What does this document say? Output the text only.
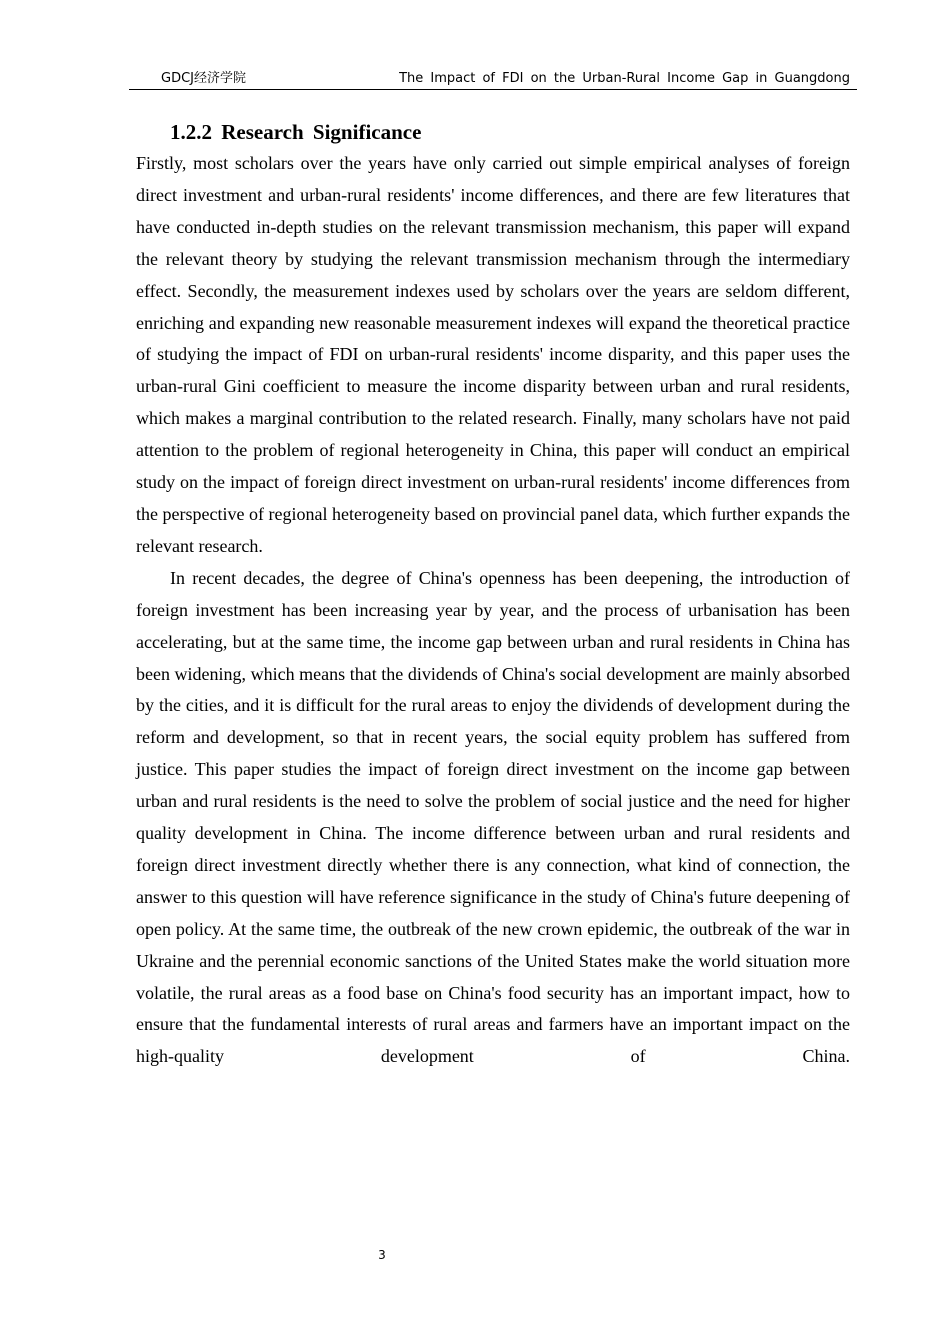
GDCJ经济学院	The Impact of FDI on the Urban-Rural Income Gap in Guangdong
1.2.2 Research Significance

Firstly, most scholars over the years have only carried out simple empirical analyses of foreign direct investment and urban-rural residents' income differences, and there are few literatures that have conducted in-depth studies on the relevant transmission mechanism, this paper will expand the relevant theory by studying the relevant transmission mechanism through the intermediary effect. Secondly, the measurement indexes used by scholars over the years are seldom different, enriching and expanding new reasonable measurement indexes will expand the theoretical practice of studying the impact of FDI on urban-rural residents' income disparity, and this paper uses the urban-rural Gini coefficient to measure the income disparity between urban and rural residents, which makes a marginal contribution to the related research. Finally, many scholars have not paid attention to the problem of regional heterogeneity in China, this paper will conduct an empirical study on the impact of foreign direct investment on urban-rural residents' income differences from the perspective of regional heterogeneity based on provincial panel data, which further expands the relevant research.

In recent decades, the degree of China's openness has been deepening, the introduction of foreign investment has been increasing year by year, and the process of urbanisation has been accelerating, but at the same time, the income gap between urban and rural residents in China has been widening, which means that the dividends of China's social development are mainly absorbed by the cities, and it is difficult for the rural areas to enjoy the dividends of development during the reform and development, so that in recent years, the social equity problem has suffered from justice. This paper studies the impact of foreign direct investment on the income gap between urban and rural residents is the need to solve the problem of social justice and the need for higher quality development in China. The income difference between urban and rural residents and foreign direct investment directly whether there is any connection, what kind of connection, the answer to this question will have reference significance in the study of China's future deepening of open policy. At the same time, the outbreak of the new crown epidemic, the outbreak of the war in Ukraine and the perennial economic sanctions of the United States make the world situation more volatile, the rural areas as a food base on China's food security has an important impact, how to ensure that the fundamental interests of rural areas and farmers have an important impact on the high-quality development of China.

3
